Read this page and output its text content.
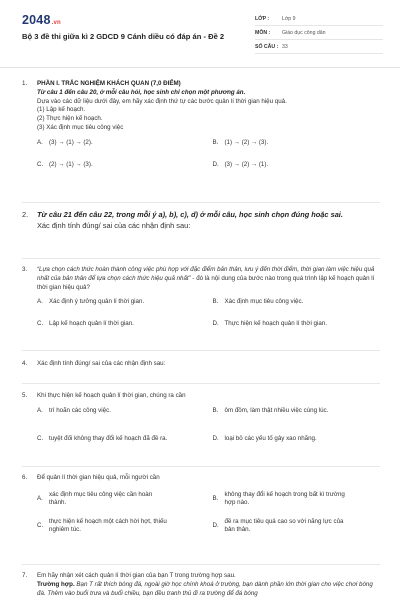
2048.vn
Bộ 3 đề thi giữa kì 2 GDCD 9 Cánh diều có đáp án - Đề 2
LỚP :	Lớp 9
MÔN :	Giáo dục công dân
SỐ CÂU : 33
1.	PHẦN I. TRẮC NGHIỆM KHÁCH QUAN (7,0 ĐIỂM)

Từ câu 1 đến câu 20, ở mỗi câu hỏi, học sinh chỉ chọn một phương án.

Dựa vào các dữ liệu dưới đây, em hãy xác định thứ tự các bước quản lí thời gian hiệu quả.

(1) Lập kế hoạch.

(2) Thực hiện kế hoạch.

(3) Xác định mục tiêu công việc

A. (3) → (1) → (2).	B. (1) → (2) → (3).
C. (2) → (1) → (3).	D. (3) → (2) → (1).
2.	Từ câu 21 đến câu 22, trong mỗi ý a), b), c), d) ở mỗi câu, học sinh chọn đúng hoặc sai.

Xác định tính đúng/ sai của các nhận định sau:

3.	“Lựa chọn cách thức hoàn thành công việc phù hợp với đặc điểm bản thân, lưu ý đến thời điểm, thời gian làm việc hiệu quả nhất của bản thân để lựa chọn cách thức hiệu quả nhất” - đó là nội dung của bước nào trong quá trình lập kế hoạch quản lí thời gian hiệu quả?

A. Xác định ý tưởng quản lí thời gian.	B. Xác định mục tiêu công việc.
C. Lập kế hoạch quản lí thời gian.	D. Thực hiện kế hoạch quản lí thời gian.
4.	Xác định tính đúng/ sai của các nhận định sau:

5.	Khi thực hiện kế hoạch quản lí thời gian, chúng ra cần

A. trì hoãn các công việc.	B. ôm đồm, làm thật nhiều việc cùng lúc.
C. tuyệt đối không thay đổi kế hoạch đã đề ra.	D. loại bỏ các yếu tố gây xao nhãng.
6.	Để quản lí thời gian hiệu quả, mỗi người cần

A.
xác định mục tiêu công việc cần hoàn thành.
B.
không thay đổi kế hoạch trong bất kì trường hợp nào.
C.
thực hiện kế hoạch một cách hời hợt, thiếu nghiêm túc.
D.
đề ra mục tiêu quá cao so với năng lực của bản thân.
7.	Em hãy nhận xét cách quản lí thời gian của bạn T trong trường hợp sau.

Trường hợp. Bạn T rất thích bóng đá, ngoài giờ học chính khoá ở trường, bạn dành phần lớn thời gian cho việc chơi bóng đá. Thêm vào buổi trưa và buổi chiều, bạn đều tranh thủ đi ra trường để đá bóng
